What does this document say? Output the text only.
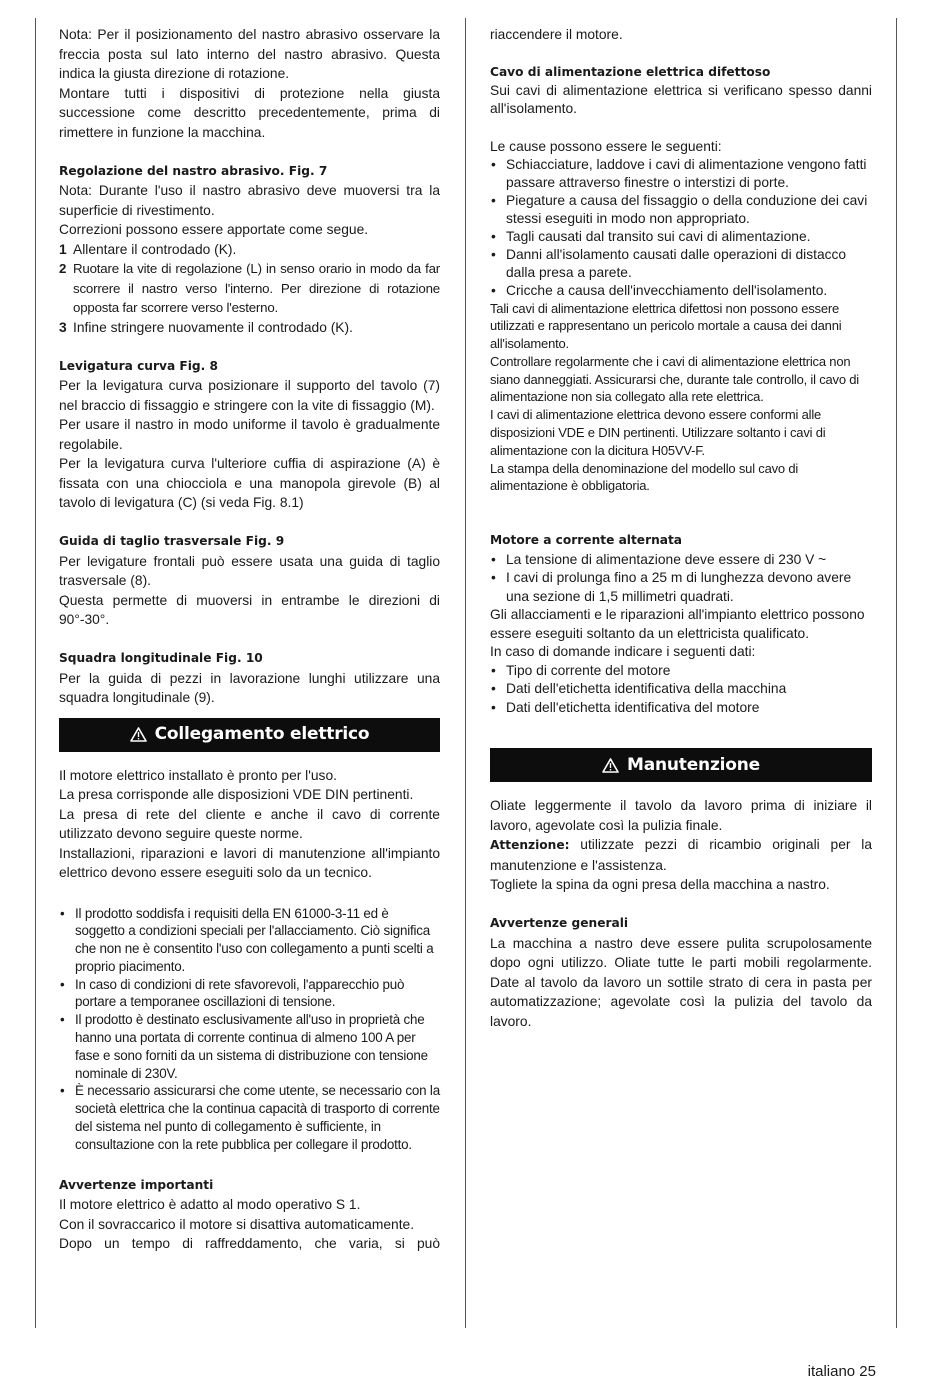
Nota: Per il posizionamento del nastro abrasivo osservare la freccia posta sul lato interno del nastro abrasivo. Questa indica la giusta direzione di rotazione.

Montare tutti i dispositivi di protezione nella giusta successione come descritto precedentemente, prima di rimettere in funzione la macchina.

Regolazione del nastro abrasivo. Fig. 7

Nota: Durante l'uso il nastro abrasivo deve muoversi tra la superficie di rivestimento.

Correzioni possono essere apportate come segue.

1 Allentare il controdado (K).
2 Ruotare la vite di regolazione (L) in senso orario in modo da far scorrere il nastro verso l'interno. Per direzione di rotazione opposta far scorrere verso l'esterno.
3 Infine stringere nuovamente il controdado (K).

Levigatura curva Fig. 8

Per la levigatura curva posizionare il supporto del tavolo (7) nel braccio di fissaggio e stringere con la vite di fissaggio (M).

Per usare il nastro in modo uniforme il tavolo è gradualmente regolabile.

Per la levigatura curva l'ulteriore cuffia di aspirazione (A) è fissata con una chiocciola e una manopola girevole (B) al tavolo di levigatura (C) (si veda Fig. 8.1)

Guida di taglio trasversale Fig. 9

Per levigature frontali può essere usata una guida di taglio trasversale (8).

Questa permette di muoversi in entrambe le direzioni di 90°-30°.

Squadra longitudinale Fig. 10

Per la guida di pezzi in lavorazione lunghi utilizzare una squadra longitudinale (9).

Collegamento elettrico

Il motore elettrico installato è pronto per l'uso.

La presa corrisponde alle disposizioni VDE DIN pertinenti.

La presa di rete del cliente e anche il cavo di corrente utilizzato devono seguire queste norme.

Installazioni, riparazioni e lavori di manutenzione all'impianto elettrico devono essere eseguiti solo da un tecnico.

• Il prodotto soddisfa i requisiti della EN 61000-3-11 ed è soggetto a condizioni speciali per l'allacciamento. Ciò significa che non ne è consentito l'uso con collegamento a punti scelti a proprio piacimento.
• In caso di condizioni di rete sfavorevoli, l'apparecchio può portare a temporanee oscillazioni di tensione.
• Il prodotto è destinato esclusivamente all'uso in proprietà che hanno una portata di corrente continua di almeno 100 A per fase e sono forniti da un sistema di distribuzione con tensione nominale di 230V.
• È necessario assicurarsi che come utente, se necessario con la società elettrica che la continua capacità di trasporto di corrente del sistema nel punto di collegamento è sufficiente, in consultazione con la rete pubblica per collegare il prodotto.

Avvertenze importanti

Il motore elettrico è adatto al modo operativo S 1.

Con il sovraccarico il motore si disattiva automaticamente.

Dopo un tempo di raffreddamento, che varia, si può

riaccendere il motore.

Cavo di alimentazione elettrica difettoso

Sui cavi di alimentazione elettrica si verificano spesso danni all'isolamento.

Le cause possono essere le seguenti:

• Schiacciature, laddove i cavi di alimentazione vengono fatti passare attraverso finestre o interstizi di porte.
• Piegature a causa del fissaggio o della conduzione dei cavi stessi eseguiti in modo non appropriato.
• Tagli causati dal transito sui cavi di alimentazione.
• Danni all'isolamento causati dalle operazioni di distacco dalla presa a parete.
• Cricche a causa dell'invecchiamento dell'isolamento.

Tali cavi di alimentazione elettrica difettosi non possono essere utilizzati e rappresentano un pericolo mortale a causa dei danni all'isolamento.

Controllare regolarmente che i cavi di alimentazione elettrica non siano danneggiati. Assicurarsi che, durante tale controllo, il cavo di alimentazione non sia collegato alla rete elettrica.

I cavi di alimentazione elettrica devono essere conformi alle disposizioni VDE e DIN pertinenti. Utilizzare soltanto i cavi di alimentazione con la dicitura H05VV-F.

La stampa della denominazione del modello sul cavo di alimentazione è obbligatoria.

Motore a corrente alternata

• La tensione di alimentazione deve essere di 230 V ~
• I cavi di prolunga fino a 25 m di lunghezza devono avere una sezione di 1,5 millimetri quadrati.

Gli allacciamenti e le riparazioni all'impianto elettrico possono essere eseguiti soltanto da un elettricista qualificato.

In caso di domande indicare i seguenti dati:

• Tipo di corrente del motore
• Dati dell'etichetta identificativa della macchina
• Dati dell'etichetta identificativa del motore
Manutenzione

Oliate leggermente il tavolo da lavoro prima di iniziare il lavoro, agevolate così la pulizia finale.

Attenzione: utilizzate pezzi di ricambio originali per la manutenzione e l'assistenza.

Togliete la spina da ogni presa della macchina a nastro.

Avvertenze generali

La macchina a nastro deve essere pulita scrupolosamente dopo ogni utilizzo. Oliate tutte le parti mobili regolarmente. Date al tavolo da lavoro un sottile strato di cera in pasta per automatizzazione; agevolate così la pulizia del tavolo da lavoro.

italiano 25
